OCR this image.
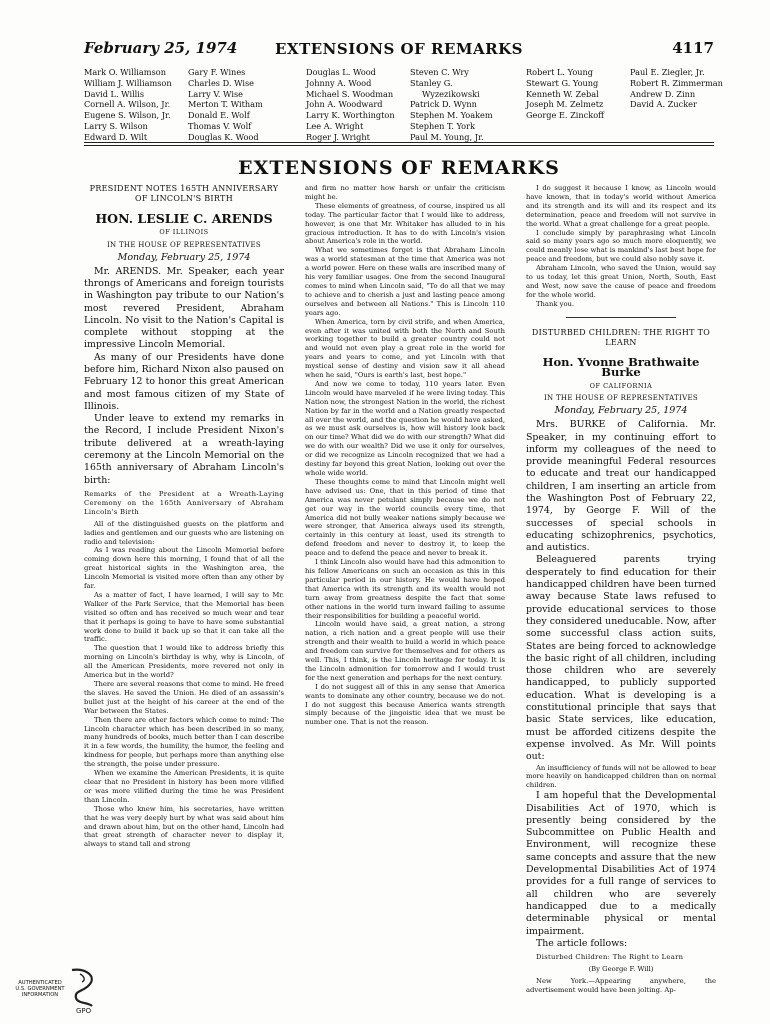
February 25, 1974	EXTENSIONS OF REMARKS	4117
Mark O. Williamson
William J. Williamson
David L. Willis
Cornell A. Wilson, Jr.
Eugene S. Wilson, Jr.
Larry S. Wilson
Edward D. Wilt
Gary F. Wines
Charles D. Wise
Larry V. Wise
Merton T. Witham
Donald E. Wolf
Thomas V. Wolf
Douglas K. Wood
Douglas L. Wood
Johnny A. Wood
Michael S. Woodman
John A. Woodward
Larry K. Worthington
Lee A. Wright
Roger J. Wright
Steven C. Wry
Stanley G.
Wyzezikowski
Patrick D. Wynn
Stephen M. Yoakem
Stephen T. York
Paul M. Young, Jr.
Robert L. Young
Stewart G. Young
Kenneth W. Zebal
Joseph M. Zelmetz
George E. Zinckoff
Paul E. Ziegler, Jr.
Robert R. Zimmerman
Andrew D. Zinn
David A. Zucker
EXTENSIONS OF REMARKS
PRESIDENT NOTES 165TH ANNIVERSARY OF LINCOLN'S BIRTH
HON. LESLIE C. ARENDS
OF ILLINOIS
IN THE HOUSE OF REPRESENTATIVES
Monday, February 25, 1974

Mr. ARENDS. Mr. Speaker, each year throngs of Americans and foreign tourists in Washington pay tribute to our Nation's most revered President, Abraham Lincoln. No visit to the Nation's Capital is complete without stopping at the impressive Lincoln Memorial.

As many of our Presidents have done before him, Richard Nixon also paused on February 12 to honor this great American and most famous citizen of my State of Illinois.

Under leave to extend my remarks in the Record, I include President Nixon's tribute delivered at a wreath-laying ceremony at the Lincoln Memorial on the 165th anniversary of Abraham Lincoln's birth:

Remarks of the President at a Wreath-Laying Ceremony on the 165th Anniversary of Abraham Lincoln's Birth

All of the distinguished guests on the platform and ladies and gentlemen and our guests who are listening on radio and television:

As I was reading about the Lincoln Memorial before coming down here this morning, I found that of all the great historical sights in the Washington area, the Lincoln Memorial is visited more often than any other by far.

As a matter of fact, I have learned, I will say to Mr. Walker of the Park Service, that the Memorial has been visited so often and has received so much wear and tear that it perhaps is going to have to have some substantial work done to build it back up so that it can take all the traffic.

The question that I would like to address briefly this morning on Lincoln's birthday is why, why is Lincoln, of all the American Presidents, more revered not only in America but in the world?

There are several reasons that come to mind. He freed the slaves. He saved the Union. He died of an assassin's bullet just at the height of his career at the end of the War between the States.

Then there are other factors which come to mind: The Lincoln character which has been described in so many, many hundreds of books, much better than I can describe it in a few words, the humility, the humor, the feeling and kindness for people, but perhaps more than anything else the strength, the poise under pressure.

When we examine the American Presidents, it is quite clear that no President in history has been more vilified or was more vilified during the time he was President than Lincoln.

Those who knew him, his secretaries, have written that he was very deeply hurt by what was said about him and drawn about him, but on the other hand, Lincoln had that great strength of character never to display it, always to stand tall and strong

and firm no matter how harsh or unfair the criticism might be.

These elements of greatness, of course, inspired us all today. The particular factor that I would like to address, however, is one that Mr. Whitaker has alluded to in his gracious introduction. It has to do with Lincoln's vision about America's role in the world.

What we sometimes forget is that Abraham Lincoln was a world statesman at the time that America was not a world power. Here on these walls are inscribed many of his very familiar usages. One from the second Inaugural comes to mind when Lincoln said, "To do all that we may to achieve and to cherish a just and lasting peace among ourselves and between all Nations." This is Lincoln 110 years ago.

When America, torn by civil strife, and when America, even after it was united with both the North and South working together to build a greater country could not and would not even play a great role in the world for years and years to come, and yet Lincoln with that mystical sense of destiny and vision saw it all ahead when he said, "Ours is earth's last, best hope."

And now we come to today, 110 years later. Even Lincoln would have marveled if he were living today. This Nation now, the strongest Nation in the world, the richest Nation by far in the world and a Nation greatly respected all over the world, and the question he would have asked, as we must ask ourselves is, how will history look back on our time? What did we do with our strength? What did we do with our wealth? Did we use it only for ourselves, or did we recognize as Lincoln recognized that we had a destiny far beyond this great Nation, looking out over the whole wide world.

These thoughts come to mind that Lincoln might well have advised us: One, that in this period of time that America was never petulant simply because we do not get our way in the world councils every time, that America did not bully weaker nations simply because we were stronger, that America always used its strength, certainly in this century at least, used its strength to defend freedom and never to destroy it, to keep the peace and to defend the peace and never to break it.

I think Lincoln also would have had this admonition to his fellow Americans on such an occasion as this in this particular period in our history. He would have hoped that America with its strength and its wealth would not turn away from greatness despite the fact that some other nations in the world turn inward failing to assume their responsibilities for building a peaceful world.

Lincoln would have said, a great nation, a strong nation, a rich nation and a great people will use their strength and their wealth to build a world in which peace and freedom can survive for themselves and for others as well. This, I think, is the Lincoln heritage for today. It is the Lincoln admonition for tomorrow and I would trust for the next generation and perhaps for the next century.

I do not suggest all of this in any sense that America wants to dominate any other country, because we do not. I do not suggest this because America wants strength simply because of the jingoistic idea that we must be number one. That is not the reason.

I do suggest it because I know, as Lincoln would have known, that in today's world without America and its strength and its will and its respect and its determination, peace and freedom will not survive in the world. What a great challenge for a great people.

I conclude simply by paraphrasing what Lincoln said so many years ago so much more eloquently, we could meanly lose what is mankind's last best hope for peace and freedom, but we could also nobly save it.

Abraham Lincoln, who saved the Union, would say to us today, let this great Union, North, South, East and West, now save the cause of peace and freedom for the whole world.

Thank you.

DISTURBED CHILDREN: THE RIGHT TO LEARN
Hon. Yvonne Brathwaite Burke
OF CALIFORNIA
IN THE HOUSE OF REPRESENTATIVES
Monday, February 25, 1974

Mrs. BURKE of California. Mr. Speaker, in my continuing effort to inform my colleagues of the need to provide meaningful Federal resources to educate and treat our handicapped children, I am inserting an article from the Washington Post of February 22, 1974, by George F. Will of the successes of special schools in educating schizophrenics, psychotics, and autistics.

Beleaguered parents trying desperately to find education for their handicapped children have been turned away because State laws refused to provide educational services to those they considered uneducable. Now, after some successful class action suits, States are being forced to acknowledge the basic right of all children, including those children who are severely handicapped, to publicly supported education. What is developing is a constitutional principle that says that basic State services, like education, must be afforded citizens despite the expense involved. As Mr. Will points out:

An insufficiency of funds will not be allowed to bear more heavily on handicapped children than on normal children.

I am hopeful that the Developmental Disabilities Act of 1970, which is presently being considered by the Subcommittee on Public Health and Environment, will recognize these same concepts and assure that the new Developmental Disabilities Act of 1974 provides for a full range of services to all children who are severely handicapped due to a medically determinable physical or mental impairment.

The article follows:

Disturbed Children: The Right to Learn
(By George F. Will)

New York.—Appearing anywhere, the advertisement would have been jolting. Ap-

AUTHENTICATED
U.S. GOVERNMENT
INFORMATION
GPO
